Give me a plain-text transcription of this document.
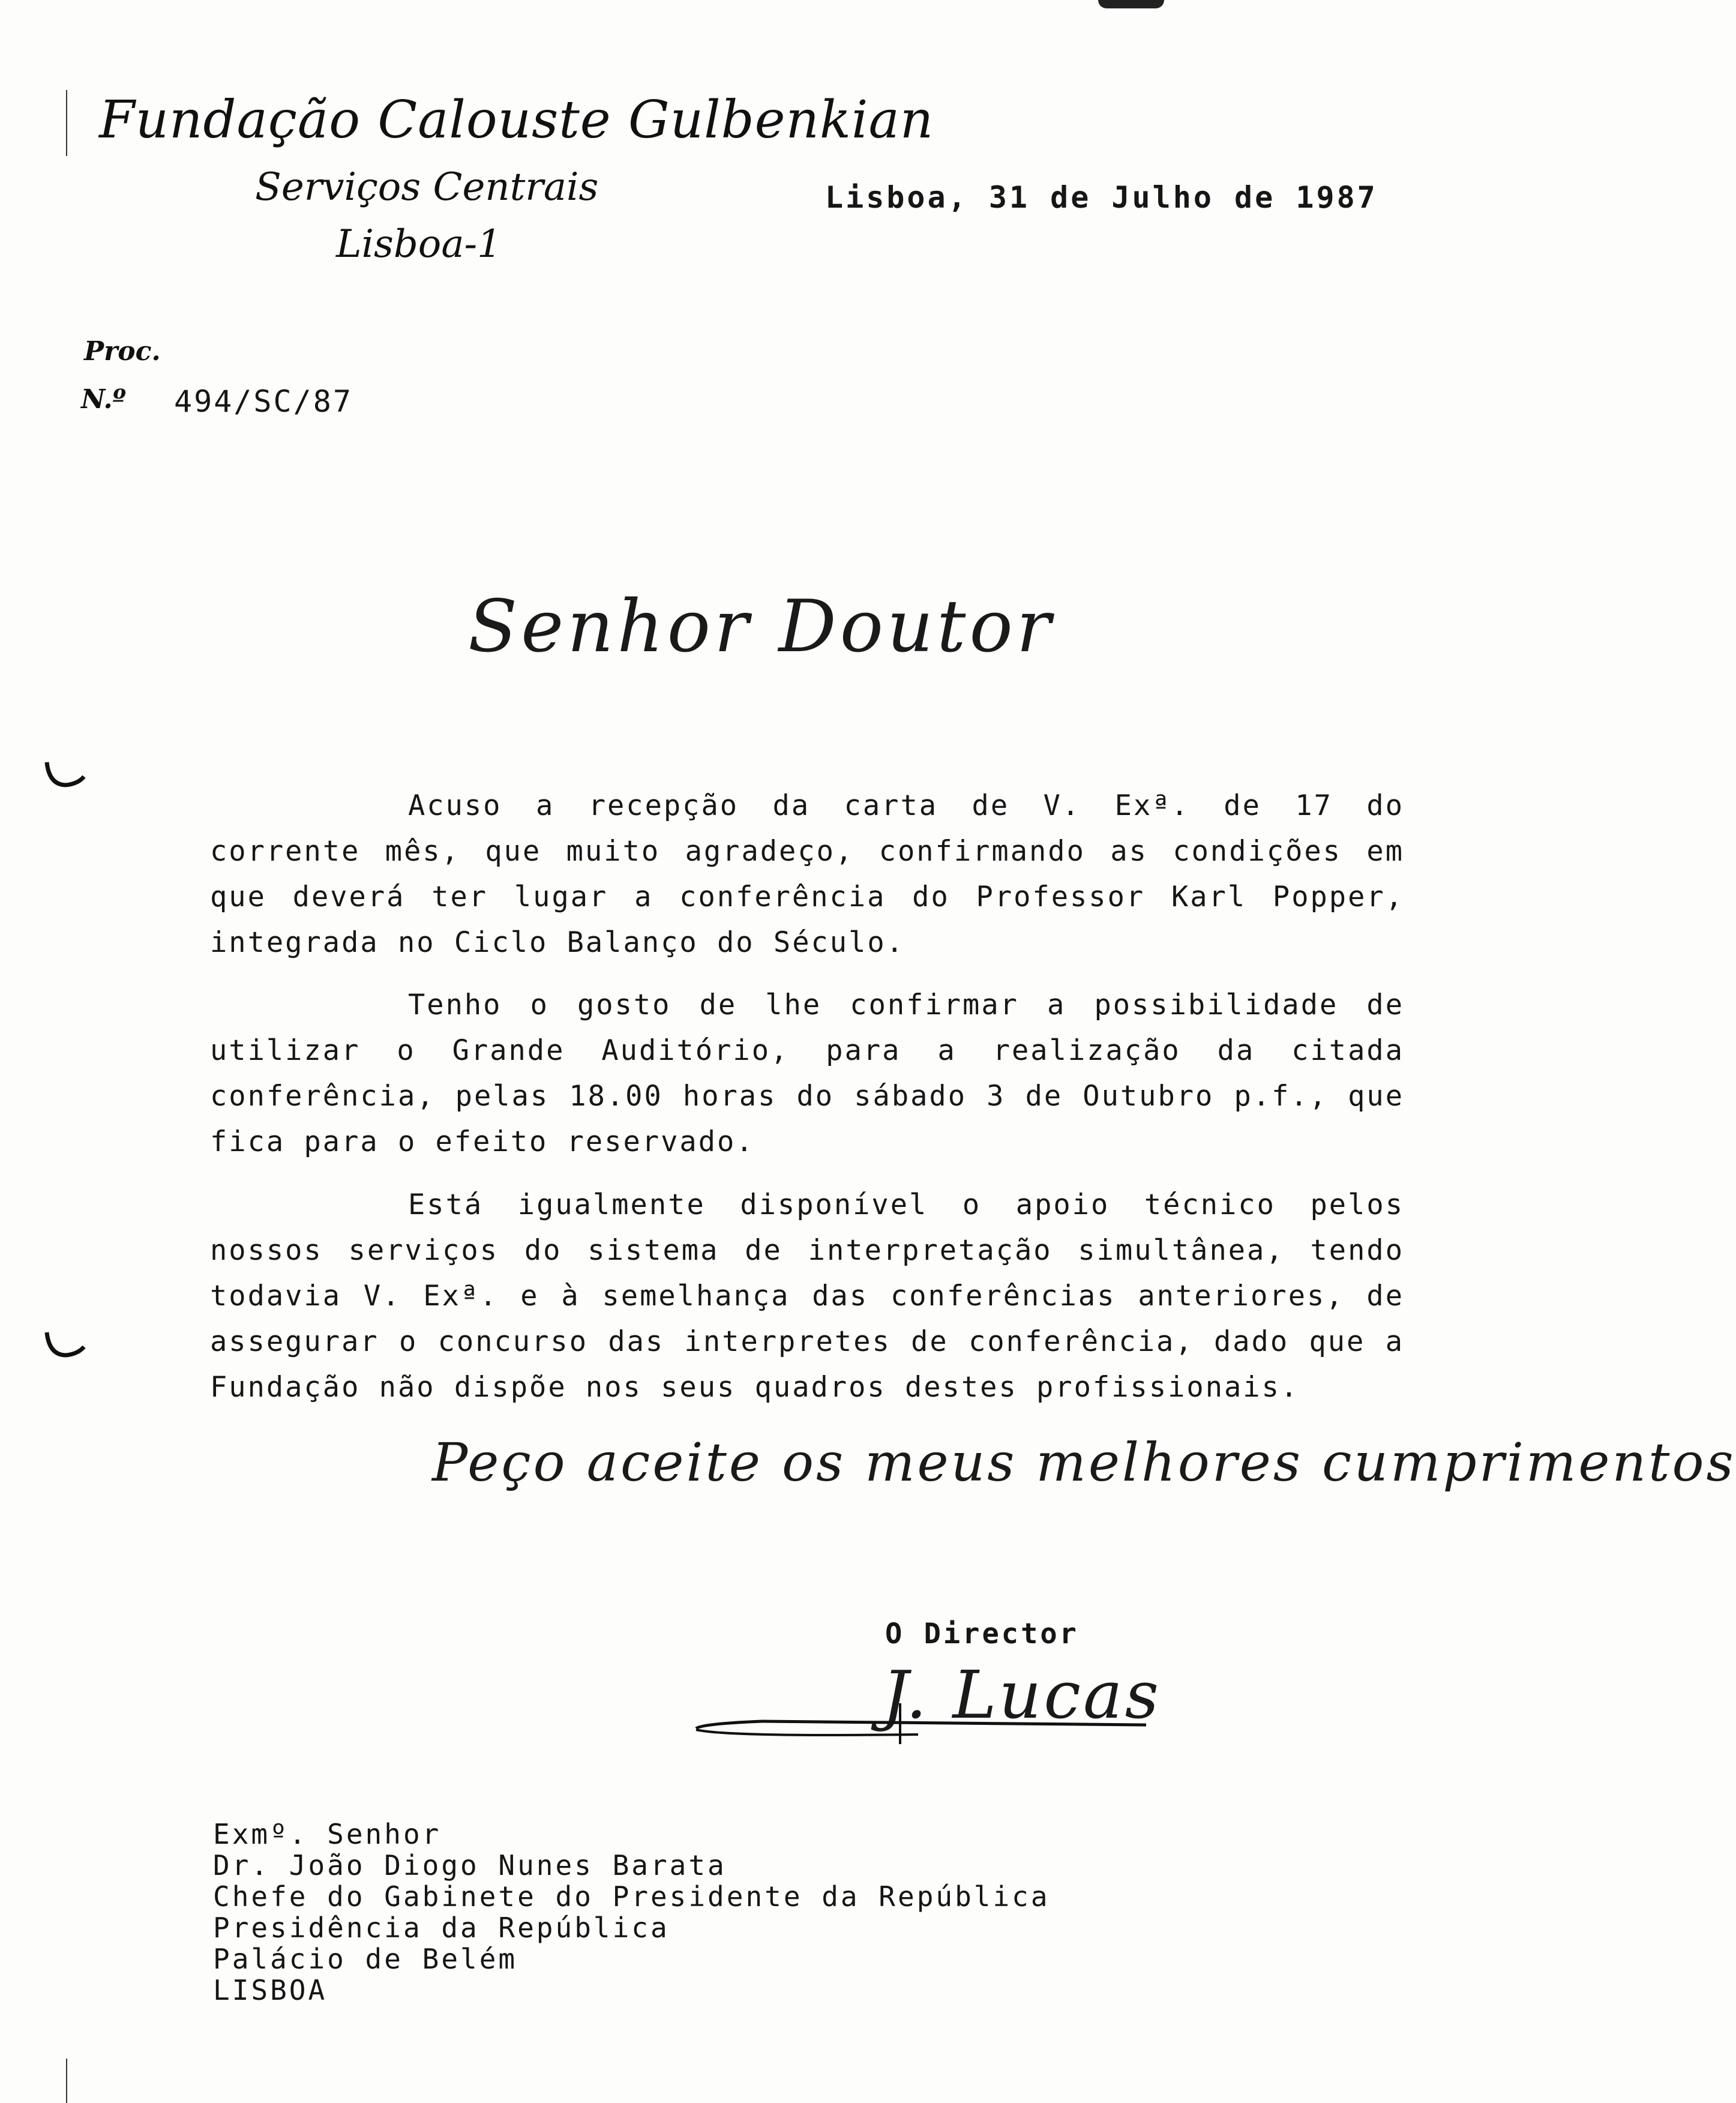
Fundação Calouste Gulbenkian
Serviços Centrais
Lisboa-1
Lisboa, 31 de Julho de 1987
Proc.
N.º 494/SC/87
Senhor Doutor

Acuso a recepção da carta de V. Exª. de 17 do corrente mês, que muito agradeço, confirmando as condições em que deverá ter lugar a conferência do Professor Karl Popper, integrada no Ciclo Balanço do Século.

Tenho o gosto de lhe confirmar a possibilidade de utilizar o Grande Auditório, para a realização da citada conferência, pelas 18.00 horas do sábado 3 de Outubro p.f., que fica para o efeito reservado.

Está igualmente disponível o apoio técnico pelos nossos serviços do sistema de interpretação simultânea, tendo todavia V. Exª. e à semelhança das conferências anteriores, de assegurar o concurso das interpretes de conferência, dado que a Fundação não dispõe nos seus quadros destes profissionais.

Peço aceite os meus melhores cumprimentos
O Director
J. Lucas
Exmº. Senhor
Dr. João Diogo Nunes Barata
Chefe do Gabinete do Presidente da República
Presidência da República
Palácio de Belém
LISBOA
